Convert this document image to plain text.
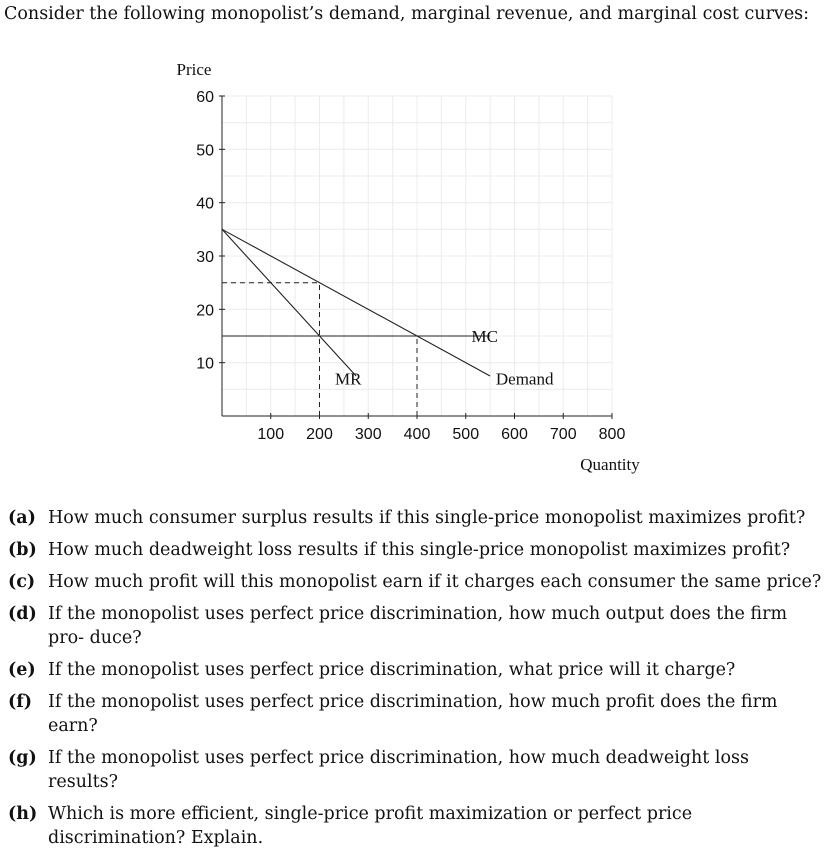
Consider the following monopolist’s demand, marginal revenue, and marginal cost curves:

10
20
30
40
50
60
100 200 300 400 500 600 700 800
Price
Quantity
MC
MR	Demand
(a) How much consumer surplus results if this single-price monopolist maximizes profit?
(b) How much deadweight loss results if this single-price monopolist maximizes profit?
(c) How much profit will this monopolist earn if it charges each consumer the same price?
(d) If the monopolist uses perfect price discrimination, how much output does the firm pro- duce?
(e) If the monopolist uses perfect price discrimination, what price will it charge?
(f) If the monopolist uses perfect price discrimination, how much profit does the firm earn?
(g) If the monopolist uses perfect price discrimination, how much deadweight loss results?
(h) Which is more efficient, single-price profit maximization or perfect price discrimination? Explain.
